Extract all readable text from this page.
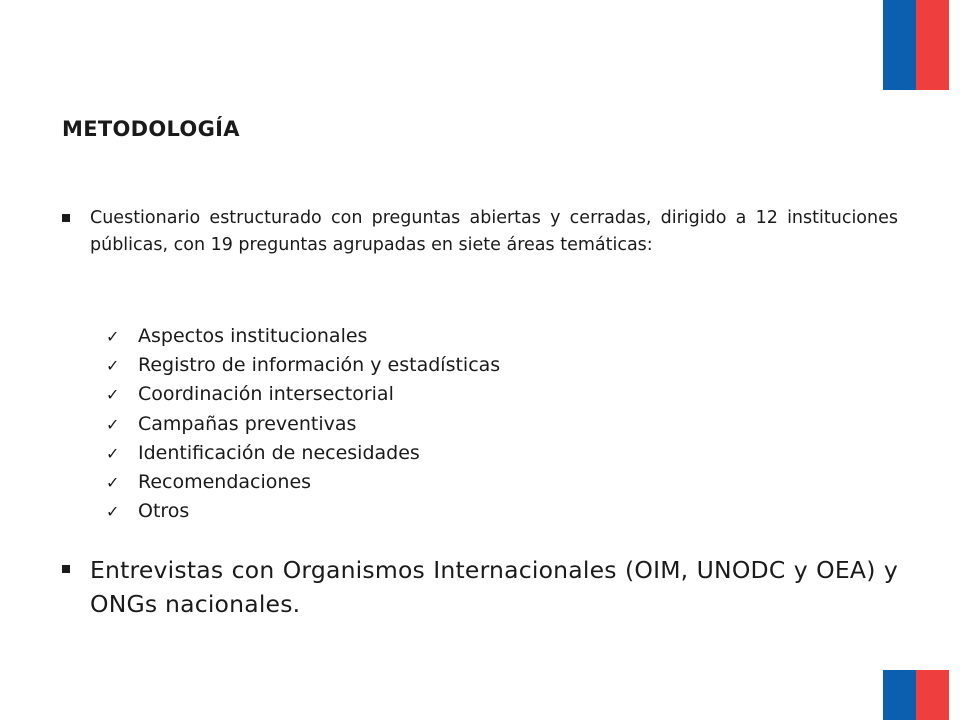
METODOLOGÍA
Cuestionario estructurado con preguntas abiertas y cerradas, dirigido a 12 instituciones públicas, con 19 preguntas agrupadas en siete áreas temáticas:
✓ Aspectos institucionales
✓ Registro de información y estadísticas
✓ Coordinación intersectorial
✓ Campañas preventivas
✓ Identificación de necesidades
✓ Recomendaciones
✓ Otros
Entrevistas con Organismos Internacionales (OIM, UNODC y OEA) y ONGs nacionales.
